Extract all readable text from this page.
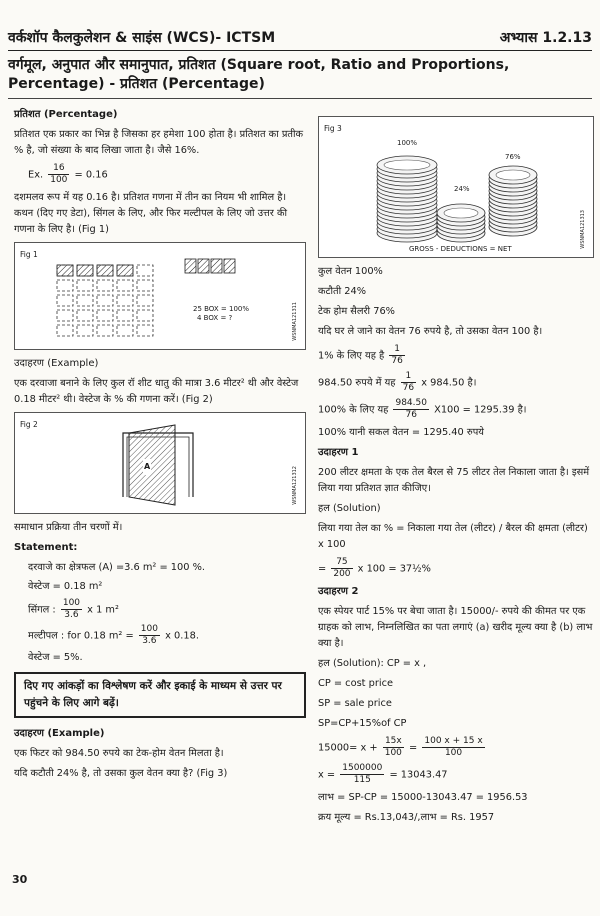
वर्कशॉप कैलकुलेशन & साइंस (WCS)- ICTSM	अभ्यास 1.2.13
वर्गमूल, अनुपात और समानुपात, प्रतिशत (Square root, Ratio and Proportions, Percentage) - प्रतिशत (Percentage)
प्रतिशत (Percentage)

प्रतिशत एक प्रकार का भिन्न है जिसका हर हमेशा 100 होता है। प्रतिशत का प्रतीक % है, जो संख्या के बाद लिखा जाता है। जैसे 16%.

Ex. $\frac{16}{100} = 0.16$

दशमलव रूप में यह 0.16 है। प्रतिशत गणना में तीन का नियम भी शामिल है। कथन (दिए गए डेटा), सिंगल के लिए, और फिर मल्टीपल के लिए जो उत्तर की गणना के लिए है। (Fig 1)

Fig 1
25 BOX = 100%
4 BOX = ?	WSNMA121311
उदाहरण (Example)

एक दरवाजा बनाने के लिए कुल रॉ शीट धातु की मात्रा 3.6 मीटर² थी और वेस्टेज 0.18 मीटर² थी। वेस्टेज के % की गणना करें। (Fig 2)

Fig 2
A	WSNMA121312

समाधान प्रक्रिया तीन चरणों में।

Statement:

दरवाजे का क्षेत्रफल (A) =3.6 m² = 100 %.

वेस्टेज = 0.18 m²

सिंगल : $\frac{100}{3.6}$ x 1 m²

मल्टीपल : for 0.18 $m^2 = \frac{100}{3.6}$ x 0.18.

वेस्टेज = 5%.

दिए गए आंकड़ों का विश्लेषण करें और इकाई के माध्यम से उत्तर पर पहुंचने के लिए आगे बढ़ें।
उदाहरण (Example)

एक फिटर को 984.50 रुपये का टेक-होम वेतन मिलता है।

यदि कटौती 24% है, तो उसका कुल वेतन क्या है? (Fig 3)

Fig 3
100%
24%
76%
GROSS - DEDUCTIONS = NET	WSNMA121313

कुल वेतन 100%

कटौती 24%

टेक होम सैलरी 76%

यदि घर ले जाने का वेतन 76 रुपये है, तो उसका वेतन 100 है।

1% के लिए यह है $\frac{1}{76}$

984.50 रुपये में यह $\frac{1}{76}$ x 984.50 है।

100% के लिए यह $\frac{984.50}{76} X100 = 1295.39$ है।

100% यानी सकल वेतन = 1295.40 रुपये

उदाहरण 1

200 लीटर क्षमता के एक तेल बैरल से 75 लीटर तेल निकाला जाता है। इसमें लिया गया प्रतिशत ज्ञात कीजिए।

हल (Solution)

लिया गया तेल का % = निकाला गया तेल (लीटर) / बैरल की क्षमता (लीटर) x 100

= $\frac{75}{200}$ x 100 = 37½%

उदाहरण 2

एक स्पेयर पार्ट 15% पर बेचा जाता है। 15000/- रुपये की कीमत पर एक ग्राहक को लाभ, निम्नलिखित का पता लगाएं (a) खरीद मूल्य क्या है (b) लाभ क्या है।

हल (Solution): CP = x ,

CP = cost price

SP = sale price

SP=CP+15%of CP

$15000= x + \frac{15x}{100} = \frac{100 x + 15 x}{100}$

$x = \frac{1500000}{115} = 13043.47$

लाभ = SP-CP = 15000-13043.47 = 1956.53

क्रय मूल्य = Rs.13,043/,लाभ = Rs. 1957

30
